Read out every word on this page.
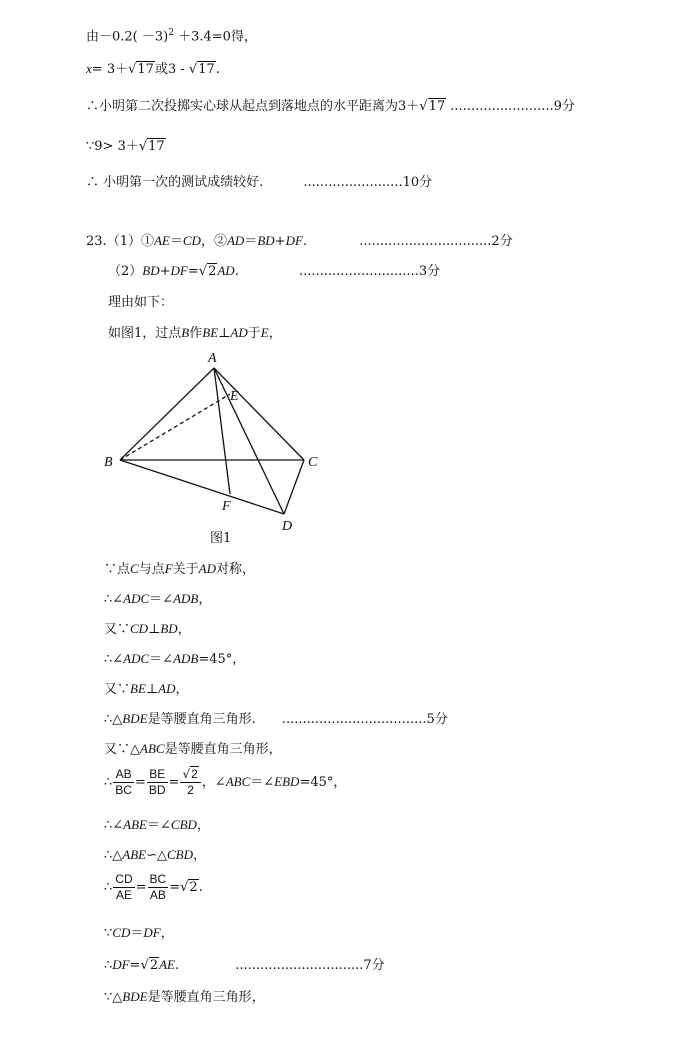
由$-0.2( -3)^2 +3.4=0$得，
x= 3＋√17或3 - √17.
∴小明第二次投掷实心球从起点到落地点的水平距离为3＋√17 .........................9分
∵9> 3＋√17
∴ 小明第一次的测试成绩较好.	........................10分
23.（1）①AE＝CD，②AD＝BD+DF.	................................2分
（2）BD+DF=√2AD.	.............................3分
理由如下：
如图1，过点B作BE⊥AD于E，
A
B	C
D
E
F
图1
∵点C与点F关于AD对称，
∴∠ADC＝∠ADB，
又∵CD⊥BD，
∴∠ADC＝∠ADB=45°，
又∵BE⊥AD，
∴△BDE是等腰直角三角形. ...................................5分
又∵△ABC是等腰直角三角形，
∴ $\frac{AB}{BC} = \frac{BE}{BD} = \frac{√2}{2}$ ，∠ABC＝∠EBD=45°，
∴∠ABE＝∠CBD，
∴△ABE∽△CBD，
∴ $\frac{CD}{AE} = \frac{BC}{AB} =√2$.
∵CD＝DF，
∴DF=√2AE.	...............................7分
∵△BDE是等腰直角三角形，
